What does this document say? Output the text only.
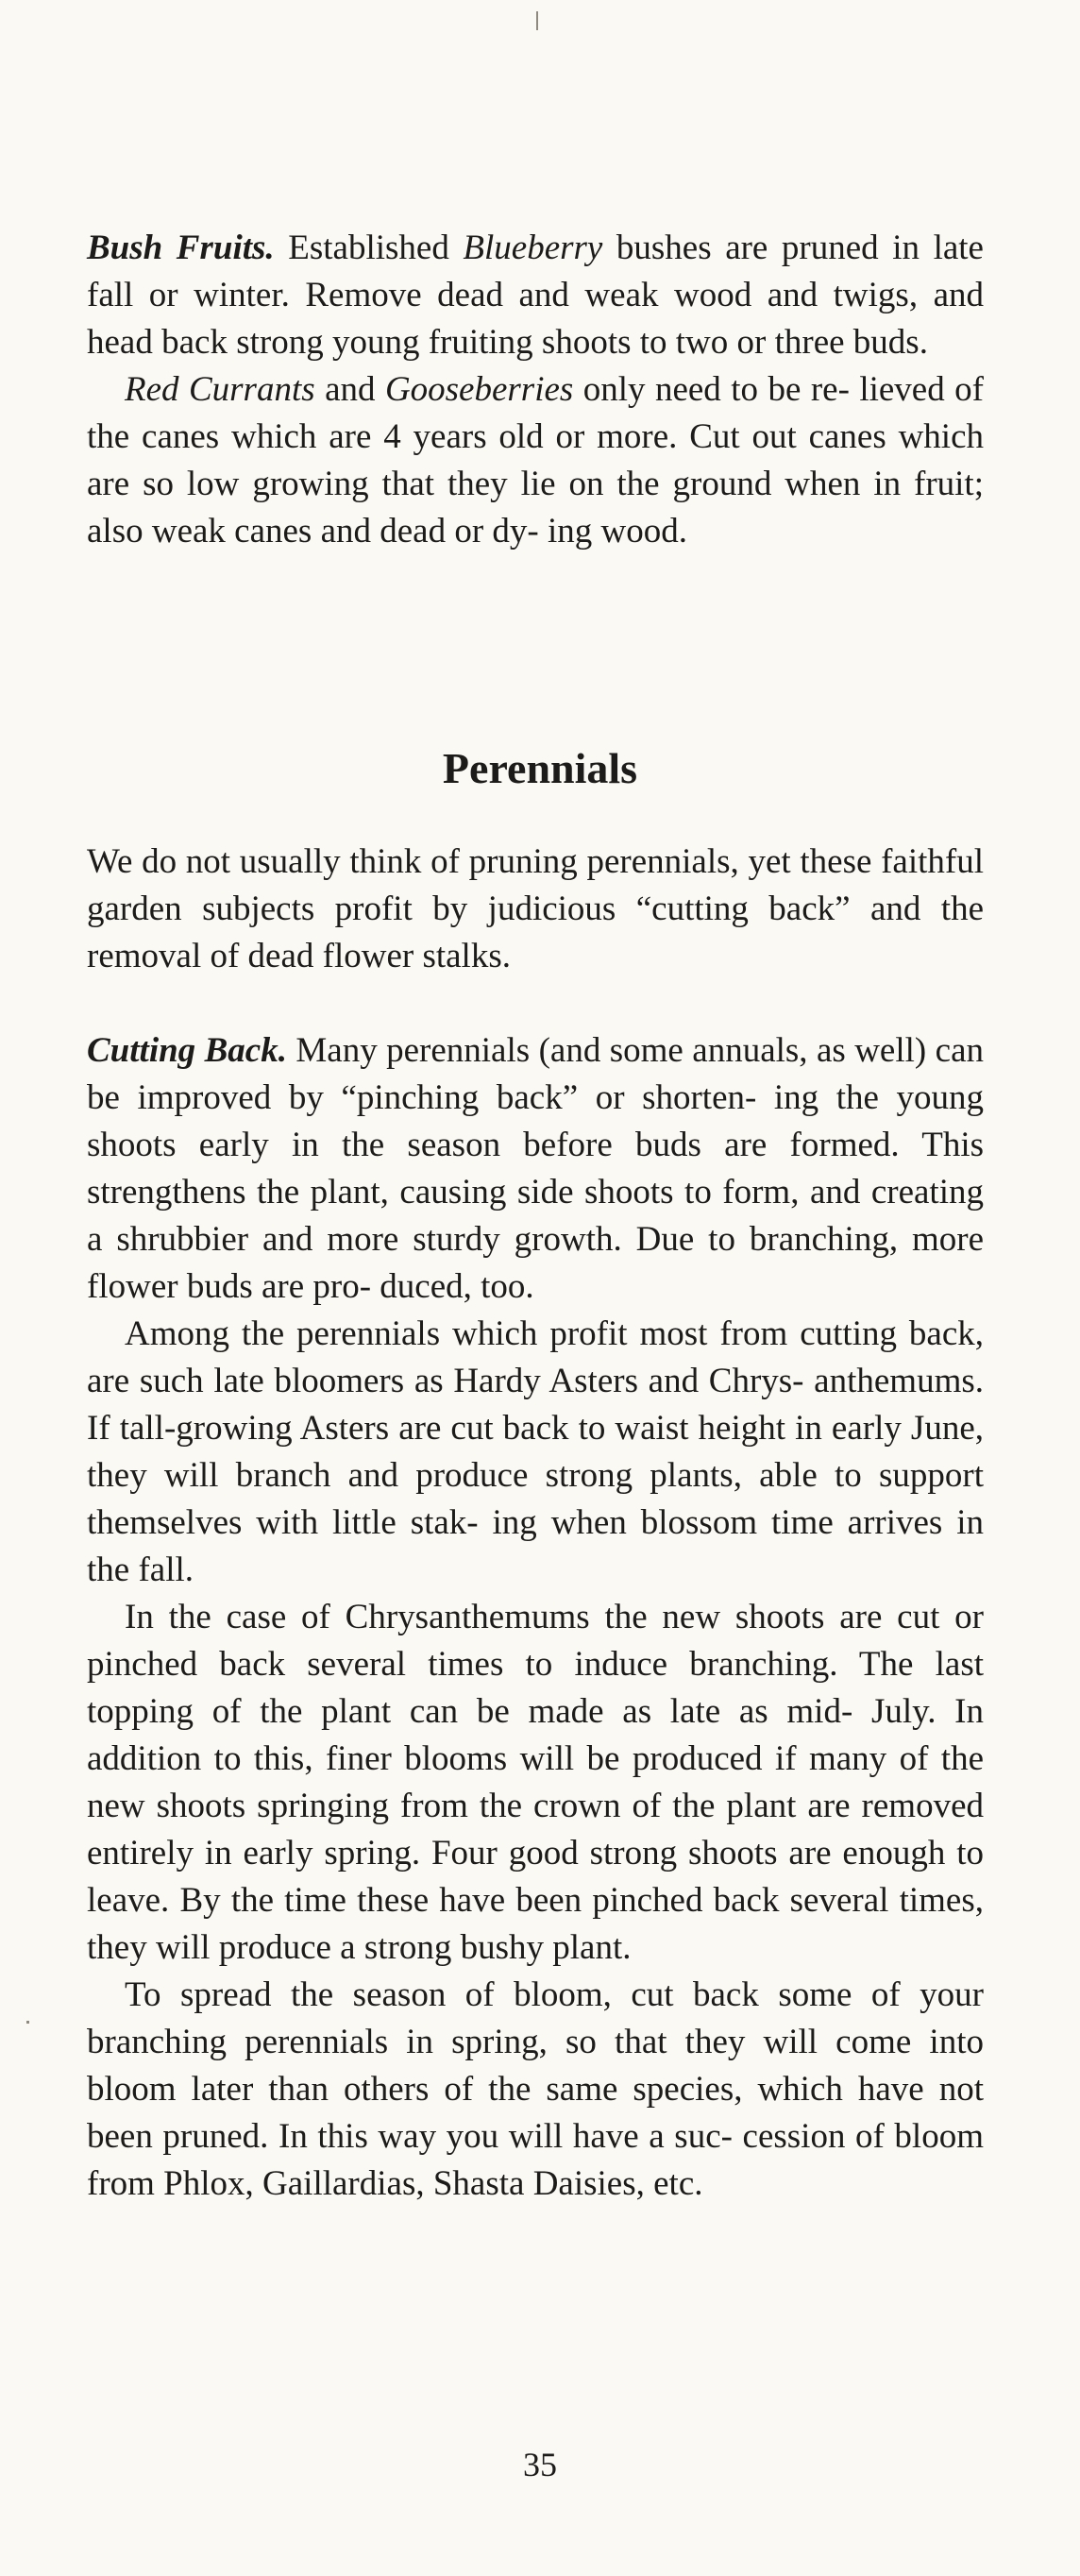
Bush Fruits. Established Blueberry bushes are pruned in late fall or winter. Remove dead and weak wood and twigs, and head back strong young fruiting shoots to two or three buds.

Red Currants and Gooseberries only need to be re- lieved of the canes which are 4 years old or more. Cut out canes which are so low growing that they lie on the ground when in fruit; also weak canes and dead or dy- ing wood.

Perennials

We do not usually think of pruning perennials, yet these faithful garden subjects profit by judicious “cutting back” and the removal of dead flower stalks.

Cutting Back. Many perennials (and some annuals, as well) can be improved by “pinching back” or shorten- ing the young shoots early in the season before buds are formed. This strengthens the plant, causing side shoots to form, and creating a shrubbier and more sturdy growth. Due to branching, more flower buds are pro- duced, too.

Among the perennials which profit most from cutting back, are such late bloomers as Hardy Asters and Chrys- anthemums. If tall-growing Asters are cut back to waist height in early June, they will branch and produce strong plants, able to support themselves with little stak- ing when blossom time arrives in the fall.

In the case of Chrysanthemums the new shoots are cut or pinched back several times to induce branching. The last topping of the plant can be made as late as mid- July. In addition to this, finer blooms will be produced if many of the new shoots springing from the crown of the plant are removed entirely in early spring. Four good strong shoots are enough to leave. By the time these have been pinched back several times, they will produce a strong bushy plant.

To spread the season of bloom, cut back some of your branching perennials in spring, so that they will come into bloom later than others of the same species, which have not been pruned. In this way you will have a suc- cession of bloom from Phlox, Gaillardias, Shasta Daisies, etc.

35
